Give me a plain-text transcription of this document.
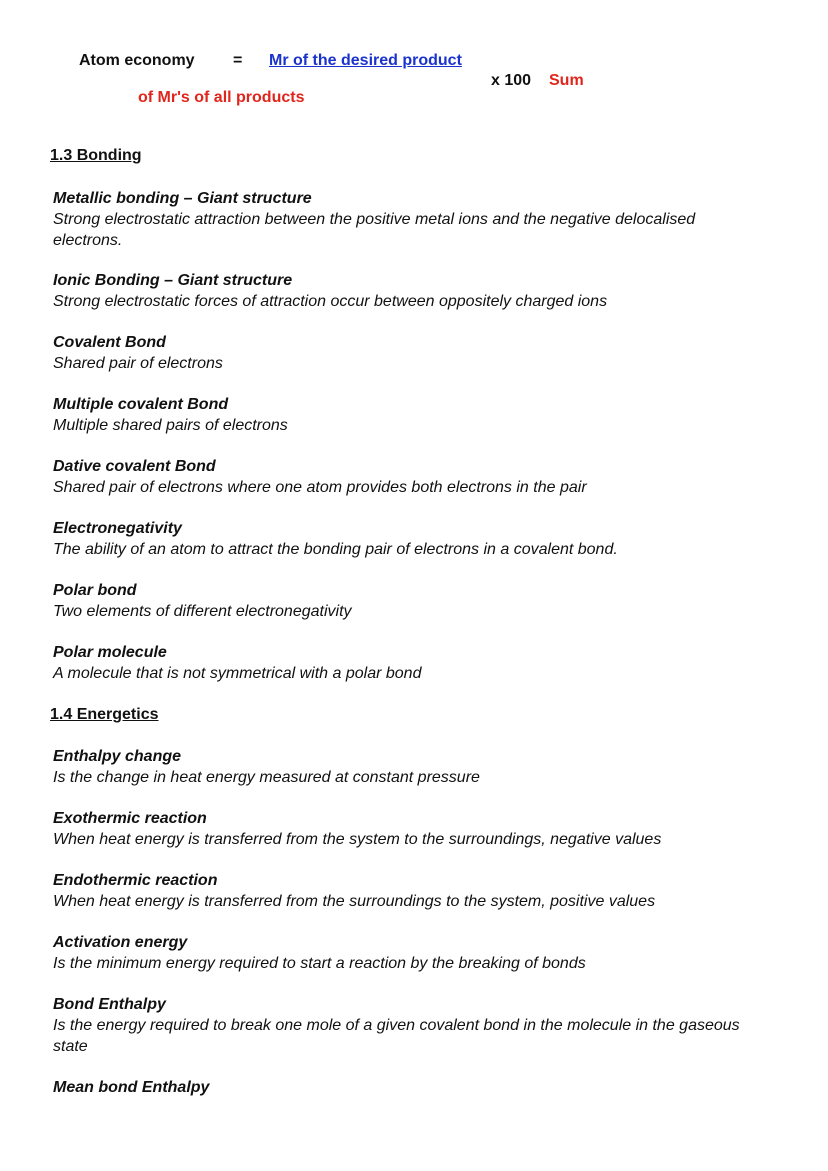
Atom economy = Mr of the desired product
x 100 Sum
of Mr's of all products
1.3 Bonding
Metallic bonding – Giant structure
Strong electrostatic attraction between the positive metal ions and the negative delocalised electrons.
Ionic Bonding – Giant structure
Strong electrostatic forces of attraction occur between oppositely charged ions
Covalent Bond
Shared pair of electrons
Multiple covalent Bond
Multiple shared pairs of electrons
Dative covalent Bond
Shared pair of electrons where one atom provides both electrons in the pair
Electronegativity
The ability of an atom to attract the bonding pair of electrons in a covalent bond.
Polar bond
Two elements of different electronegativity
Polar molecule
A molecule that is not symmetrical with a polar bond
1.4 Energetics
Enthalpy change
Is the change in heat energy measured at constant pressure
Exothermic reaction
When heat energy is transferred from the system to the surroundings, negative values
Endothermic reaction
When heat energy is transferred from the surroundings to the system, positive values
Activation energy
Is the minimum energy required to start a reaction by the breaking of bonds
Bond Enthalpy
Is the energy required to break one mole of a given covalent bond in the molecule in the gaseous state
Mean bond Enthalpy
